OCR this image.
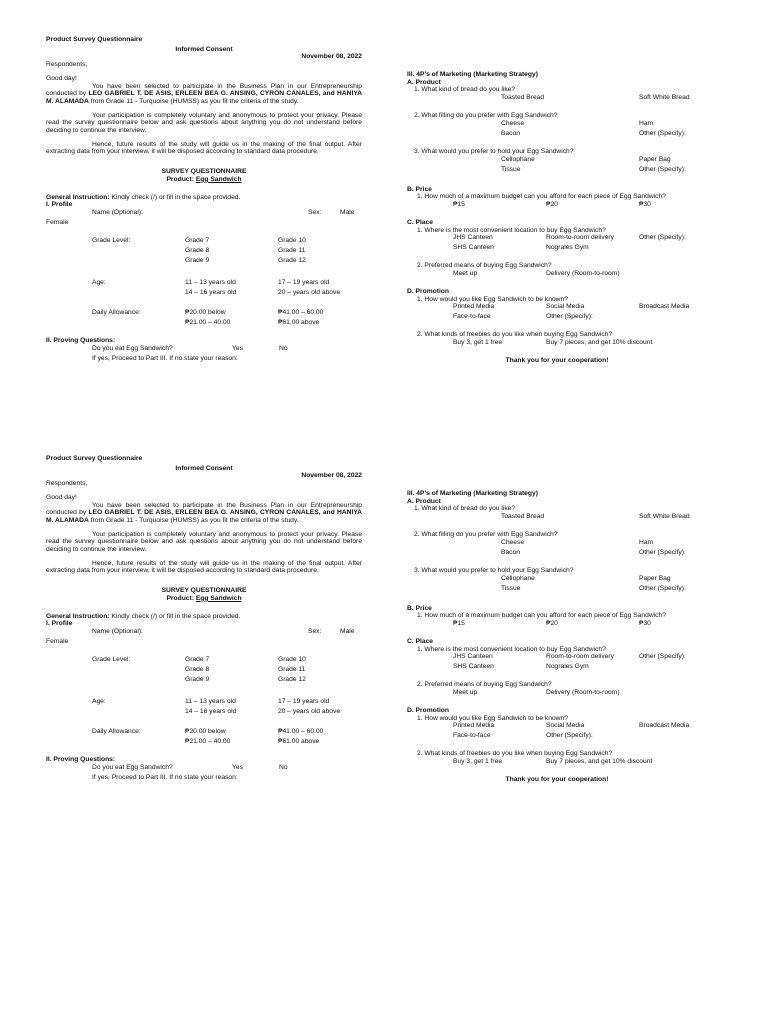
Product Survey Questionnaire

Informed Consent

November 08, 2022

Respondents,

Good day!

You have been selected to participate in the Business Plan in our Entrepreneurship conducted by LEO GABRIEL T. DE ASIS, ERLEEN BEA G. ANSING, CYRON CANALES, and HANIYA M. ALAMADA from Grade 11 - Turquoise (HUMSS) as you fit the criteria of the study.

Your participation is completely voluntary and anonymous to protect your privacy. Please read the survey questionnaire below and ask questions about anything you do not understand before deciding to continue the interview.

Hence, future results of the study will guide us in the making of the final output. After extracting data from your interview, it will be disposed according to standard data procedure.

SURVEY QUESTIONNAIRE

Product: Egg Sandwich

General Instruction: Kindly check (/) or fill in the space provided.

I. Profile

Name (Optional):	Sex:	Male
Female
Grade Level:	Grade 7	Grade 10
Grade 8	Grade 11
Grade 9	Grade 12
Age:	11 – 13 years old	17 – 19 years old
14 – 16 years old	20 – years old above
Daily Allowance:	₱20.00 below	₱41.00 – 60.00
₱21.00 – 40.00	₱61.00 above

II. Proving Questions:

Do you eat Egg Sandwich?	Yes	No
If yes, Proceed to Part III. If no state your reason:

III. 4P’s of Marketing (Marketing Strategy)

A. Product

1. What kind of bread do you like?

Toasted Bread	Soft White Bread

2. What filling do you prefer with Egg Sandwich?

Cheese	Ham
Bacon	Other (Specify):

3. What would you prefer to hold your Egg Sandwich?

Cellophane	Paper Bag
Tissue	Other (Specify):

B. Price

1. How much of a maximum budget can you afford for each piece of Egg Sandwich?

₱15	₱20	₱30

C. Place

1. Where is the most convenient location to buy Egg Sandwich?

JHS Canteen	Room-to-room delivery	Other (Specify):
SHS Canteen	Nograles Gym

2. Preferred means of buying Egg Sandwich?

Meet up	Delivery (Room-to-room)

D. Promotion

1. How would you like Egg Sandwich to be known?

Printed Media	Social Media	Broadcast Media
Face-to-face	Other (Specify):

2. What kinds of freebies do you like when buying Egg Sandwich?

Buy 3, get 1 free	Buy 7 pieces, and get 10% discount

Thank you for your cooperation!

Product Survey Questionnaire

Informed Consent

November 08, 2022

Respondents,

Good day!

You have been selected to participate in the Business Plan in our Entrepreneurship conducted by LEO GABRIEL T. DE ASIS, ERLEEN BEA G. ANSING, CYRON CANALES, and HANIYA M. ALAMADA from Grade 11 - Turquoise (HUMSS) as you fit the criteria of the study.

Your participation is completely voluntary and anonymous to protect your privacy. Please read the survey questionnaire below and ask questions about anything you do not understand before deciding to continue the interview.

Hence, future results of the study will guide us in the making of the final output. After extracting data from your interview, it will be disposed according to standard data procedure.

SURVEY QUESTIONNAIRE

Product: Egg Sandwich

General Instruction: Kindly check (/) or fill in the space provided.

I. Profile

Name (Optional):	Sex:	Male
Female
Grade Level:	Grade 7	Grade 10
Grade 8	Grade 11
Grade 9	Grade 12
Age:	11 – 13 years old	17 – 19 years old
14 – 16 years old	20 – years old above
Daily Allowance:	₱20.00 below	₱41.00 – 60.00
₱21.00 – 40.00	₱61.00 above

II. Proving Questions:

Do you eat Egg Sandwich?	Yes	No
If yes, Proceed to Part III. If no state your reason:

III. 4P’s of Marketing (Marketing Strategy)

A. Product

1. What kind of bread do you like?

Toasted Bread	Soft White Bread

2. What filling do you prefer with Egg Sandwich?

Cheese	Ham
Bacon	Other (Specify):

3. What would you prefer to hold your Egg Sandwich?

Cellophane	Paper Bag
Tissue	Other (Specify):

B. Price

1. How much of a maximum budget can you afford for each piece of Egg Sandwich?

₱15	₱20	₱30

C. Place

1. Where is the most convenient location to buy Egg Sandwich?

JHS Canteen	Room-to-room delivery	Other (Specify):
SHS Canteen	Nograles Gym

2. Preferred means of buying Egg Sandwich?

Meet up	Delivery (Room-to-room)

D. Promotion

1. How would you like Egg Sandwich to be known?

Printed Media	Social Media	Broadcast Media
Face-to-face	Other (Specify):

2. What kinds of freebies do you like when buying Egg Sandwich?

Buy 3, get 1 free	Buy 7 pieces, and get 10% discount

Thank you for your cooperation!
